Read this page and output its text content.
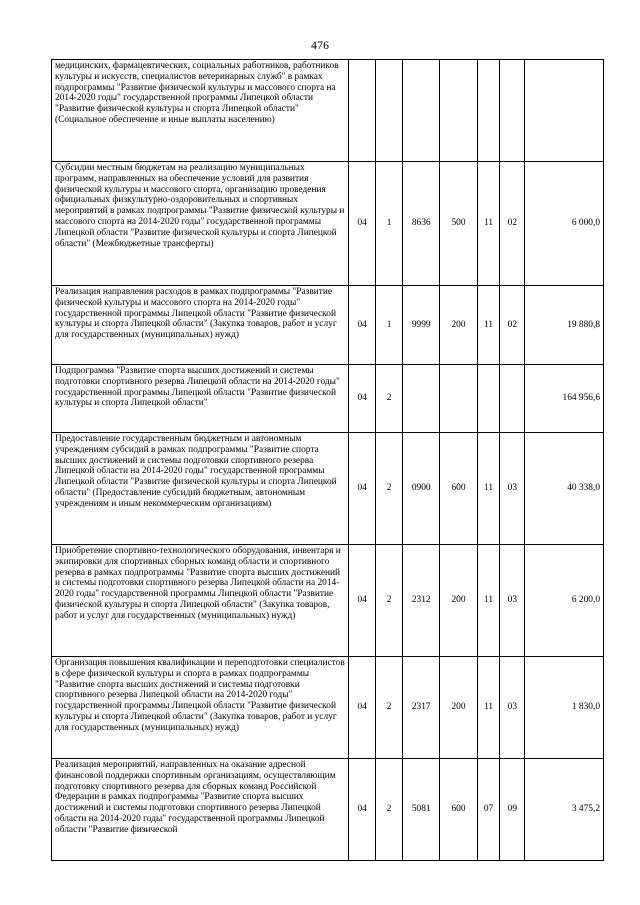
476
медицинских, фармацевтических, социальных работников, работников культуры и искусств, специалистов ветеринарных служб" в рамках подпрограммы "Развитие физической культуры и массового спорта на 2014-2020 годы" государственной программы Липецкой области "Развитие физической культуры и спорта Липецкой области" (Социальное обеспечение и иные выплаты населению)							
Субсидии местным бюджетам на реализацию муниципальных программ, направленных на обеспечение условий для развития физической культуры и массового спорта, организацию проведения официальных физкультурно-оздоровительных и спортивных мероприятий в рамках подпрограммы "Развитие физической культуры и массового спорта на 2014-2020 годы" государственной программы Липецкой области "Развитие физической культуры и спорта Липецкой области" (Межбюджетные трансферты)	04	1	8636	500	11	02	6 000,0
Реализация направления расходов в рамках подпрограммы "Развитие физической культуры и массового спорта на 2014-2020 годы" государственной программы Липецкой области "Развитие физической культуры и спорта Липецкой области" (Закупка товаров, работ и услуг для государственных (муниципальных) нужд)	04	1	9999	200	11	02	19 880,8
Подпрограмма "Развитие спорта высших достижений и системы подготовки спортивного резерва Липецкой области на 2014-2020 годы" государственной программы Липецкой области "Развитие физической культуры и спорта Липецкой области"	04	2					164 956,6
Предоставление государственным бюджетным и автономным учреждениям субсидий в рамках подпрограммы "Развитие спорта высших достижений и системы подготовки спортивного резерва Липецкой области на 2014-2020 годы" государственной программы Липецкой области "Развитие физической культуры и спорта Липецкой области" (Предоставление субсидий бюджетным, автономным учреждениям и иным некоммерческим организациям)	04	2	0900	600	11	03	40 338,0
Приобретение спортивно-технологического оборудования, инвентаря и экипировки для спортивных сборных команд области и спортивного резерва в рамках подпрограммы "Развитие спорта высших достижений и системы подготовки спортивного резерва Липецкой области на 2014-2020 годы" государственной программы Липецкой области "Развитие физической культуры и спорта Липецкой области" (Закупка товаров, работ и услуг для государственных (муниципальных) нужд)	04	2	2312	200	11	03	6 200,0
Организация повышения квалификации и переподготовки специалистов в сфере физической культуры и спорта в рамках подпрограммы "Развитие спорта высших достижений и системы подготовки спортивного резерва Липецкой области на 2014-2020 годы" государственной программы Липецкой области "Развитие физической культуры и спорта Липецкой области" (Закупка товаров, работ и услуг для государственных (муниципальных) нужд)	04	2	2317	200	11	03	1 830,0
Реализация мероприятий, направленных на оказание адресной финансовой поддержки спортивным организациям, осуществляющим подготовку спортивного резерва для сборных команд Российской Федерации в рамках подпрограммы "Развитие спорта высших достижений и системы подготовки спортивного резерва Липецкой области на 2014-2020 годы" государственной программы Липецкой области "Развитие физической	04	2	5081	600	07	09	3 475,2
